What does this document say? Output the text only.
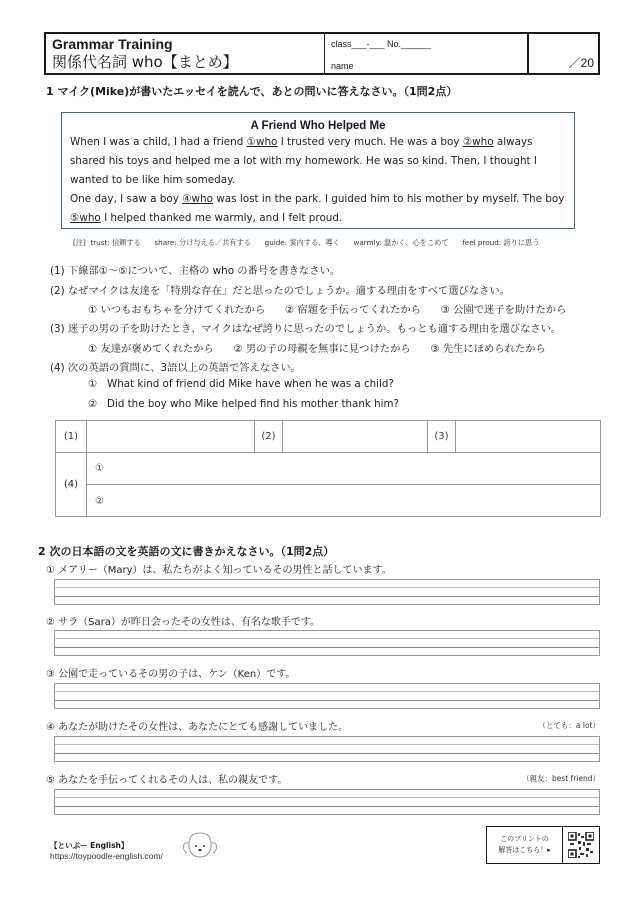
Grammar Training
関係代名詞 who【まとめ】
class___-___ No.______
name	／20
1 マイク(Mike)が書いたエッセイを読んで、あとの問いに答えなさい。（1問2点）
A Friend Who Helped Me

When I was a child, I had a friend ①who I trusted very much. He was a boy ②who always shared his toys and helped me a lot with my homework. He was so kind. Then, I thought I wanted to be like him someday.

One day, I saw a boy ④who was lost in the park. I guided him to his mother by myself. The boy ⑤who I helped thanked me warmly, and I felt proud.

[注]  trust: 信頼する      share: 分け与える／共有する      guide: 案内する、導く      warmly: 温かく、心をこめて      feel proud: 誇りに思う
(1) 下線部①～⑤について、主格の who の番号を書きなさい。
(2) なぜマイクは友達を「特別な存在」だと思ったのでしょうか。適する理由をすべて選びなさい。
① いつもおもちゃを分けてくれたから      ② 宿題を手伝ってくれたから      ③ 公園で迷子を助けたから
(3) 迷子の男の子を助けたとき、マイクはなぜ誇りに思ったのでしょうか。もっとも適する理由を選びなさい。
① 友達が褒めてくれたから      ② 男の子の母親を無事に見つけたから      ③ 先生にほめられたから
(4) 次の英語の質問に、3語以上の英語で答えなさい。
①   What kind of friend did Mike have when he was a child?
②   Did the boy who Mike helped find his mother thank him?
(1)	(2)	(3)
(4)
①
②
2 次の日本語の文を英語の文に書きかえなさい。（1問2点）
① メアリー（Mary）は、私たちがよく知っているその男性と話しています。
② サラ（Sara）が昨日会ったその女性は、有名な歌手です。
③ 公園で走っているその男の子は、ケン（Ken）です。
④ あなたが助けたその女性は、あなたにとても感謝していました。	（とても：a lot）
⑤ あなたを手伝ってくれるその人は、私の親友です。	（親友：best friend）
【といぷー English】
https://toypoodle-english.com/
このプリントの
解答はこちら！▸
